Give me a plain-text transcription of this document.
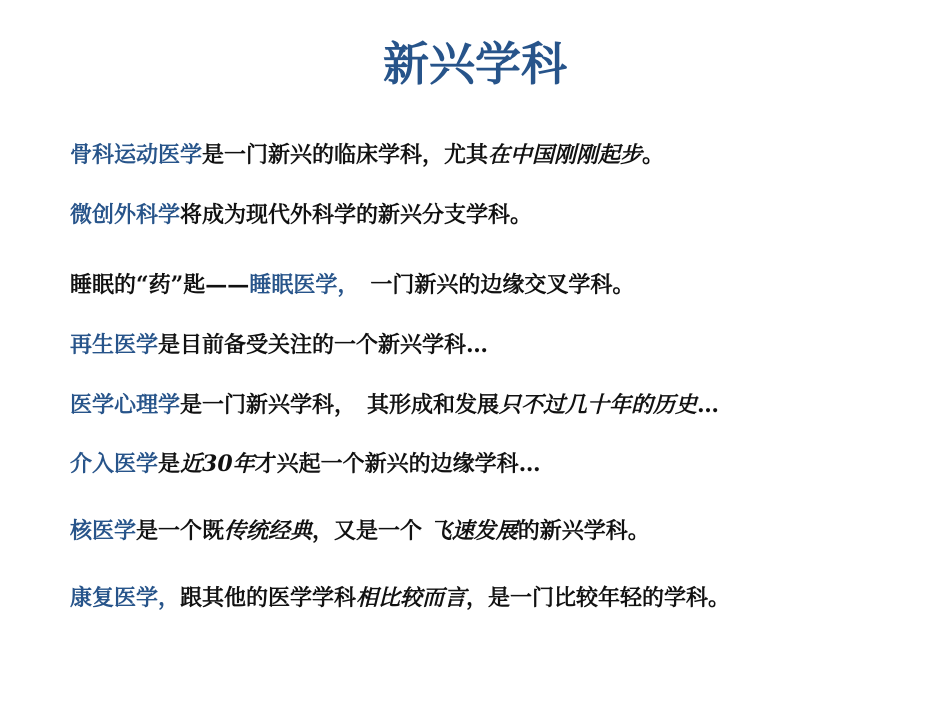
新兴学科
骨科运动医学是一门新兴的临床学科，尤其在中国刚刚起步。
微创外科学将成为现代外科学的新兴分支学科。
睡眠的“药”匙——睡眠医学，　一门新兴的边缘交叉学科。
再生医学是目前备受关注的一个新兴学科…
医学心理学是一门新兴学科，　其形成和发展只不过几十年的历史…
介入医学是近30年才兴起一个新兴的边缘学科…
核医学是一个既传统经典，又是一个 飞速发展的新兴学科。
康复医学，跟其他的医学学科相比较而言，是一门比较年轻的学科。
